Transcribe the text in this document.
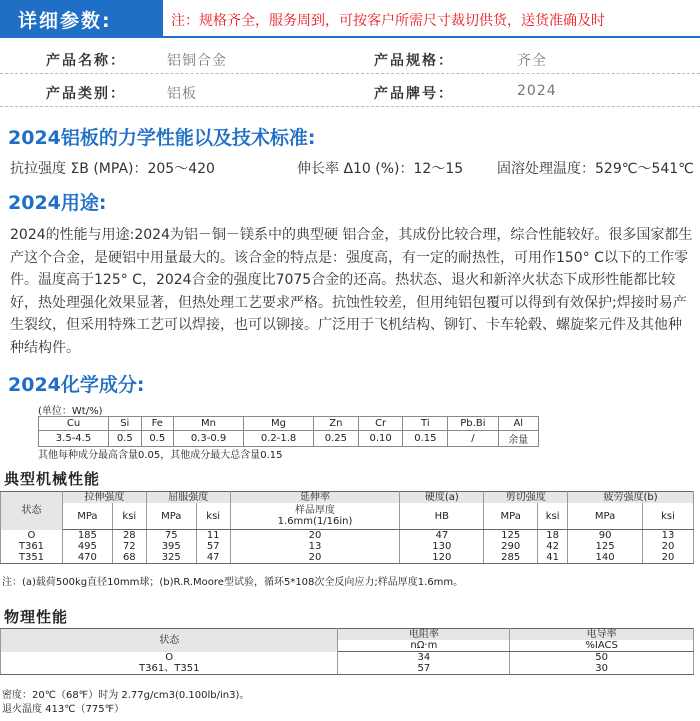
详细参数:	注：规格齐全，服务周到，可按客户所需尺寸裁切供货，送货准确及时
产品名称：	铝铜合金	产品规格：	齐全
产品类别：	铝板	产品牌号：	2024
2024铝板的力学性能以及技术标准:
抗拉强度 ΣB (MPA)：205～420	伸长率 Δ10 (%)：12～15 固溶处理温度：529℃～541℃
2024用途:
2024的性能与用途:2024为铝－铜－镁系中的典型硬 铝合金，其成份比较合理，综合性能较好。很多国家都生产这个合金，是硬铝中用量最大的。该合金的特点是：强度高，有一定的耐热性，可用作150° C以下的工作零件。温度高于125° C，2024合金的强度比7075合金的还高。热状态、退火和新淬火状态下成形性能都比较好，热处理强化效果显著，但热处理工艺要求严格。抗蚀性较差，但用纯铝包覆可以得到有效保护;焊接时易产生裂纹，但采用特殊工艺可以焊接，也可以铆接。广泛用于飞机结构、铆钉、卡车轮毂、螺旋桨元件及其他种种结构件。
2024化学成分:
(单位：Wt/%)
Cu	Si	Fe	Mn	Mg	Zn	Cr	Ti	Pb.Bi	Al
3.5-4.5	0.5	0.5	0.3-0.9	0.2-1.8	0.25	0.10	0.15	/	余量
其他每种成分最高含量0.05，其他成分最大总含量0.15
典型机械性能
状态	拉伸强度		屈服强度		延伸率	硬度(a)	剪切强度		疲劳强度(b)	
	MPa	ksi	MPa	ksi	样品厚度
1.6mm(1/16in)	HB	MPa	ksi	MPa	ksi
O	185	28	75	11	20	47	125	18	90	13
T361	495	72	395	57	13	130	290	42	125	20
T351	470	68	325	47	20	120	285	41	140	20
注：(a)载荷500kg直径10mm球；(b)R.R.Moore型试验，循环5*108次全反向应力;样品厚度1.6mm。
物理性能
状态	电阻率	电导率
	nΩ·m	%IACS
O	34	50
T361、T351	57	30
密度：20℃（68℉）时为 2.77g/cm3(0.100lb/in3)。
退火温度 413℃（775℉）
